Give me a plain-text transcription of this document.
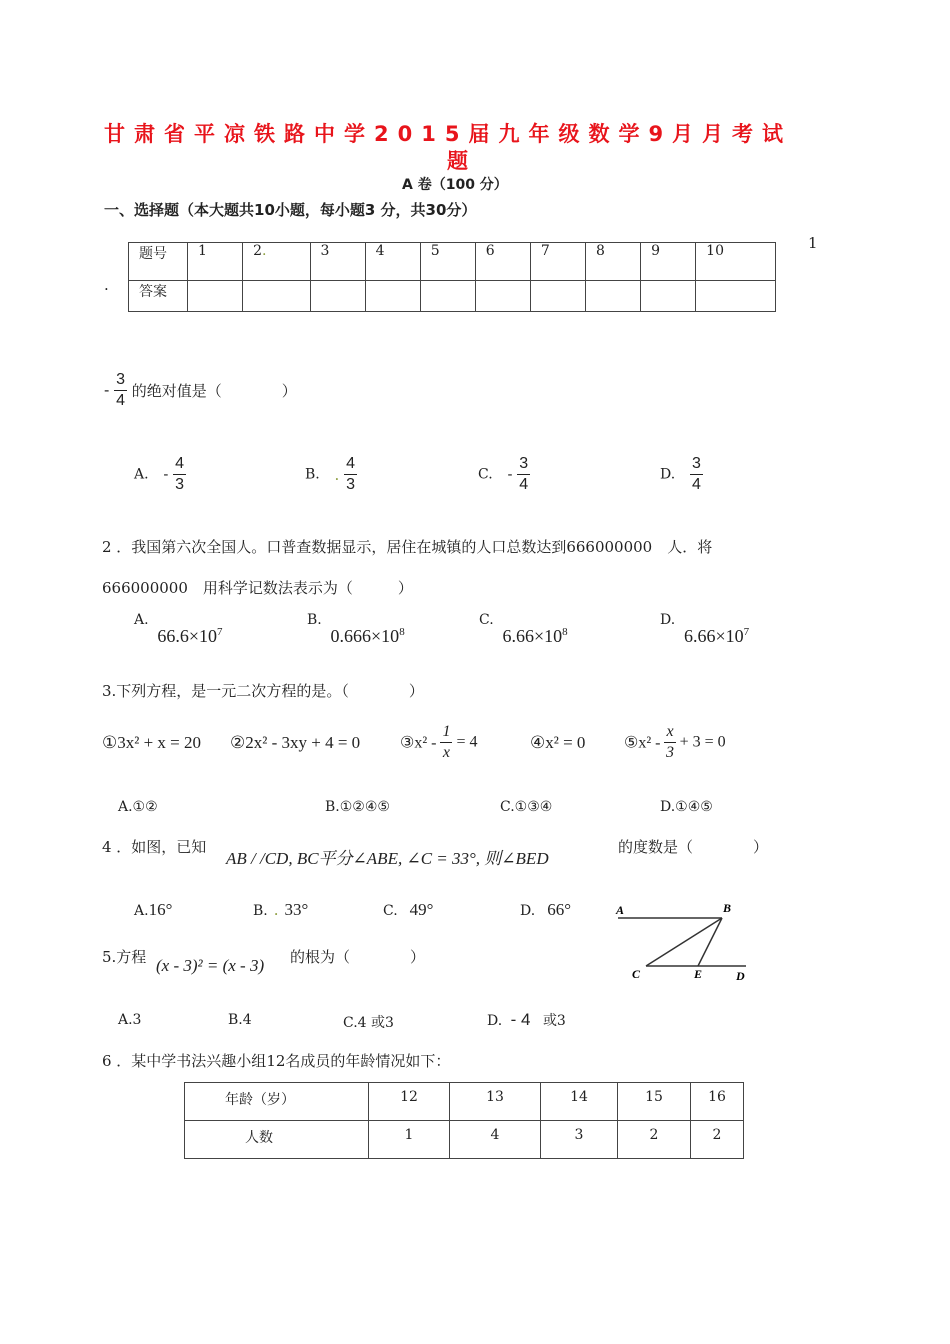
甘肃省平凉铁路中学2015届九年级数学9月月考试
题
A 卷（100 分）
一、选择题（本大题共10小题，每小题3 分，共30分）
题号	1	2.	3	4	5	6	7	8	9	10
答案										
1
.
- $\frac{3}{4}$ 的绝对值是（　　　　）
A. - $\frac{4}{3}$	B. . $\frac{4}{3}$	C. - $\frac{3}{4}$	D. $\frac{3}{4}$
2 ．我国第六次全国人。口普查数据显示，居住在城镇的人口总数达到666000000　人．将
666000000　用科学记数法表示为（　　　）
A. $66.6\times 10^7$
B. $0.666\times 10^8$
C. $6.66\times 10^8$
D. $6.66\times 10^7$
3.下列方程，是一元二次方程的是。（　　　　）
①3x² + x = 20 ②2x² - 3xy + 4 = 0 ③x² - $\frac{1}{x} = 4$	④x² = 0 ⑤x² - $\frac{x}{3} + 3 = 0$
A.①②	B.①②④⑤	C.①③④	D.①④⑤
4 ．如图，已知
AB / /CD, BC平分∠ABE, ∠C = 33°, 则∠BED
的度数是（　　　　）
A.16°	B. . 33°	C. 49°	D. 66°	A	B
C	E	D
5.方程 (x - 3)² = (x - 3) 的根为（　　　　）
A.3	B.4	C.4 或3	D. - 4 或3
6 ．某中学书法兴趣小组12名成员的年龄情况如下：
年龄（岁）	12	13	14	15	16
人数	1	4	3	2	2
